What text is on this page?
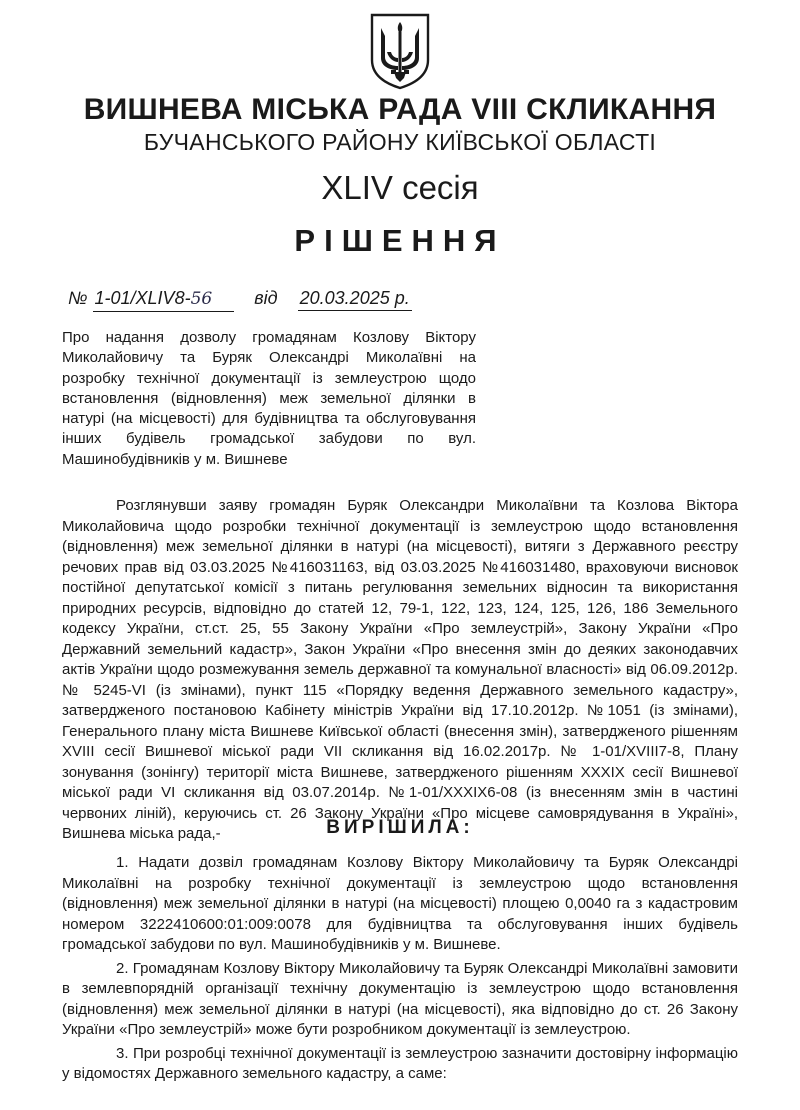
ВИШНЕВА МІСЬКА РАДА VIII СКЛИКАННЯ
БУЧАНСЬКОГО РАЙОНУ КИЇВСЬКОЇ ОБЛАСТІ
XLIV сесія
РІШЕННЯ
№ 1-01/XLIV8-56 від 20.03.2025 р.
Про надання дозволу громадянам Козлову Віктору Миколайовичу та Буряк Олександрі Миколаївні на розробку технічної документації із землеустрою щодо встановлення (відновлення) меж земельної ділянки в натурі (на місцевості) для будівництва та обслуговування інших будівель громадської забудови по вул. Машинобудівників у м. Вишневе

Розглянувши заяву громадян Буряк Олександри Миколаївни та Козлова Віктора Миколайовича щодо розробки технічної документації із землеустрою щодо встановлення (відновлення) меж земельної ділянки в натурі (на місцевості), витяги з Державного реєстру речових прав від 03.03.2025 №416031163, від 03.03.2025 №416031480, враховуючи висновок постійної депутатської комісії з питань регулювання земельних відносин та використання природних ресурсів, відповідно до статей 12, 79-1, 122, 123, 124, 125, 126, 186 Земельного кодексу України, ст.ст. 25, 55 Закону України «Про землеустрій», Закону України «Про Державний земельний кадастр», Закон України «Про внесення змін до деяких законодавчих актів України щодо розмежування земель державної та комунальної власності» від 06.09.2012р. № 5245-VI (із змінами), пункт 115 «Порядку ведення Державного земельного кадастру», затвердженого постановою Кабінету міністрів України від 17.10.2012р. №1051 (із змінами), Генерального плану міста Вишневе Київської області (внесення змін), затвердженого рішенням XVIII сесії Вишневої міської ради VII скликання від 16.02.2017р. № 1-01/XVIII7-8, Плану зонування (зонінгу) території міста Вишневе, затвердженого рішенням XXXIX сесії Вишневої міської ради VI скликання від 03.07.2014р. №1-01/XXXIX6-08 (із внесенням змін в частині червоних ліній), керуючись ст. 26 Закону України «Про місцеве самоврядування в Україні», Вишнева міська рада,-	ВИРІШИЛА:

1. Надати дозвіл громадянам Козлову Віктору Миколайовичу та Буряк Олександрі Миколаївні на розробку технічної документації із землеустрою щодо встановлення (відновлення) меж земельної ділянки в натурі (на місцевості) площею 0,0040 га з кадастровим номером 3222410600:01:009:0078 для будівництва та обслуговування інших будівель громадської забудови по вул. Машинобудівників у м. Вишневе.

2. Громадянам Козлову Віктору Миколайовичу та Буряк Олександрі Миколаївні замовити в землевпорядній організації технічну документацію із землеустрою щодо встановлення (відновлення) меж земельної ділянки в натурі (на місцевості), яка відповідно до ст. 26 Закону України «Про землеустрій» може бути розробником документації із землеустрою.

3. При розробці технічної документації із землеустрою зазначити достовірну інформацію у відомостях Державного земельного кадастру, а саме:
